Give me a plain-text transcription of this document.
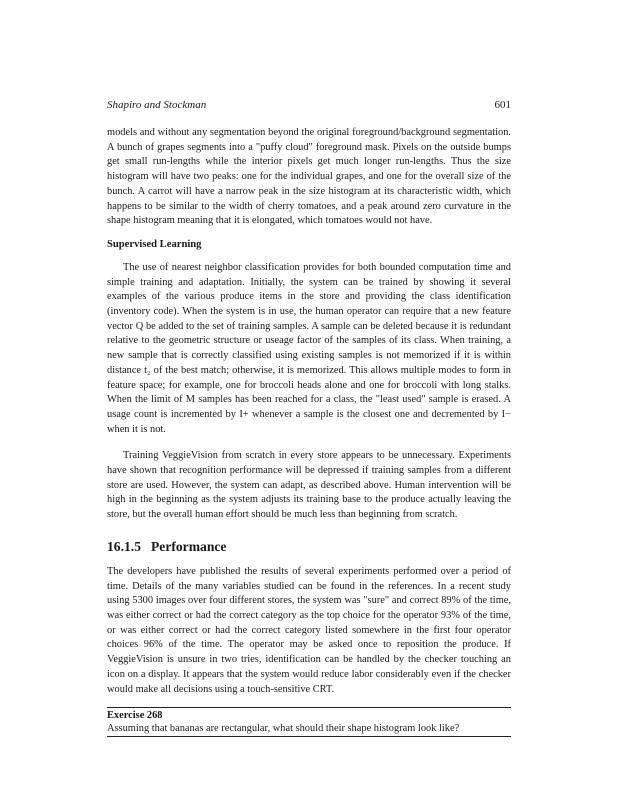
Shapiro and Stockman	601

models and without any segmentation beyond the original foreground/background segmentation. A bunch of grapes segments into a "puffy cloud" foreground mask. Pixels on the outside bumps get small run-lengths while the interior pixels get much longer run-lengths. Thus the size histogram will have two peaks: one for the individual grapes, and one for the overall size of the bunch. A carrot will have a narrow peak in the size histogram at its characteristic width, which happens to be similar to the width of cherry tomatoes, and a peak around zero curvature in the shape histogram meaning that it is elongated, which tomatoes would not have.

Supervised Learning

The use of nearest neighbor classification provides for both bounded computation time and simple training and adaptation. Initially, the system can be trained by showing it several examples of the various produce items in the store and providing the class identification (inventory code). When the system is in use, the human operator can require that a new feature vector Q be added to the set of training samples. A sample can be deleted because it is redundant relative to the geometric structure or useage factor of the samples of its class. When training, a new sample that is correctly classified using existing samples is not memorized if it is within distance t₂ of the best match; otherwise, it is memorized. This allows multiple modes to form in feature space; for example, one for broccoli heads alone and one for broccoli with long stalks. When the limit of M samples has been reached for a class, the "least used" sample is erased. A usage count is incremented by I+ whenever a sample is the closest one and decremented by I− when it is not.

Training VeggieVision from scratch in every store appears to be unnecessary. Experiments have shown that recognition performance will be depressed if training samples from a different store are used. However, the system can adapt, as described above. Human intervention will be high in the beginning as the system adjusts its training base to the produce actually leaving the store, but the overall human effort should be much less than beginning from scratch.

16.1.5 Performance

The developers have published the results of several experiments performed over a period of time. Details of the many variables studied can be found in the references. In a recent study using 5300 images over four different stores, the system was "sure" and correct 89% of the time, was either correct or had the correct category as the top choice for the operator 93% of the time, or was either correct or had the correct category listed somewhere in the first four operator choices 96% of the time. The operator may be asked once to reposition the produce. If VeggieVision is unsure in two tries, identification can be handled by the checker touching an icon on a display. It appears that the system would reduce labor considerably even if the checker would make all decisions using a touch-sensitive CRT.

Exercise 268
Assuming that bananas are rectangular, what should their shape histogram look like?
